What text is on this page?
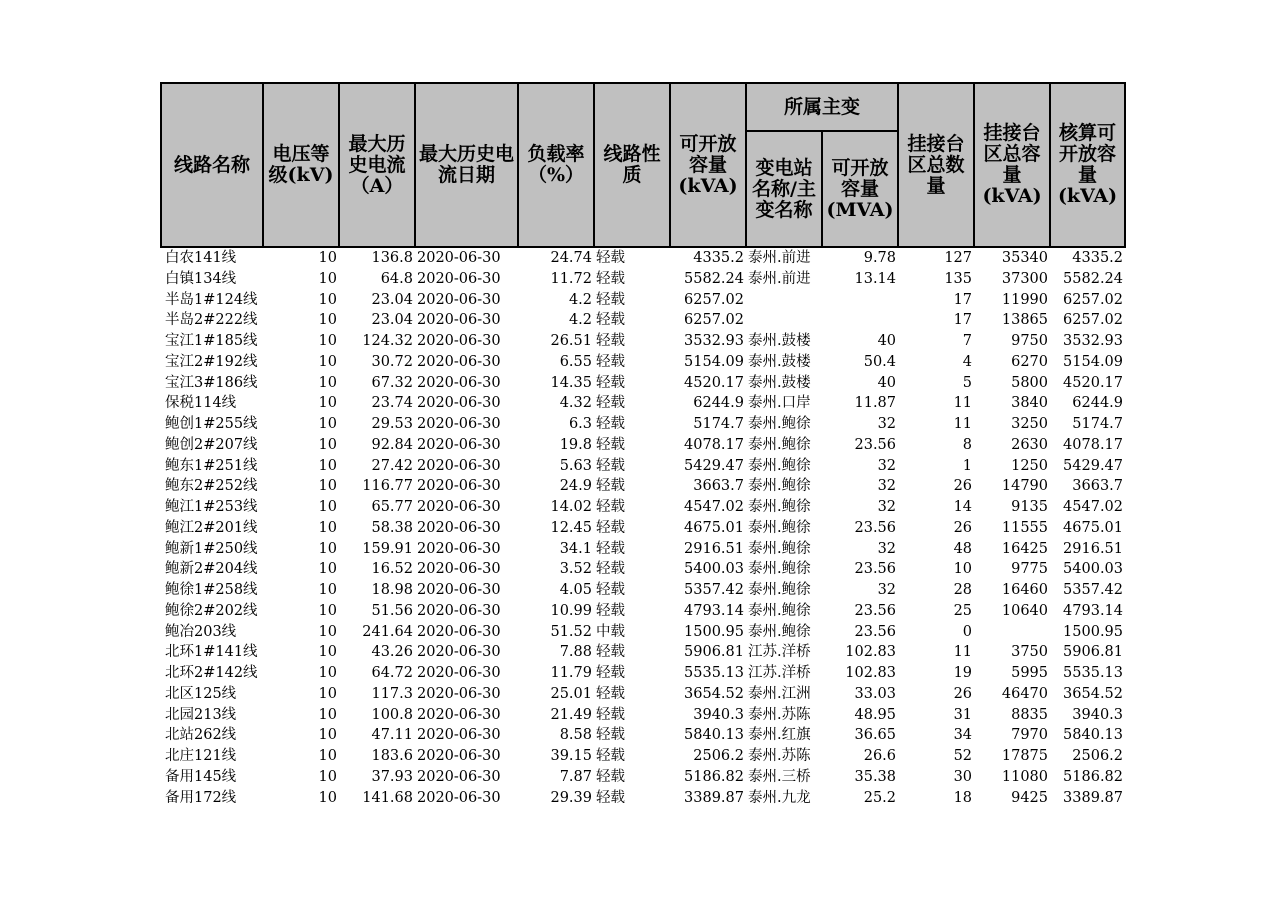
线路名称	电压等级(kV)	最大历史电流（A）	最大历史电流日期	负载率（%）	线路性质	可开放容量(kVA)	所属主变		挂接台区总数量	挂接台区总容量(kVA)	核算可开放容量(kVA)
							变电站名称/主变名称	可开放容量(MVA)			
白农141线	10	136.8	2020-06-30	24.74	轻载	4335.2	泰州.前进	9.78	127	35340	4335.2
白镇134线	10	64.8	2020-06-30	11.72	轻载	5582.24	泰州.前进	13.14	135	37300	5582.24
半岛1#124线	10	23.04	2020-06-30	4.2	轻载	6257.02			17	11990	6257.02
半岛2#222线	10	23.04	2020-06-30	4.2	轻载	6257.02			17	13865	6257.02
宝江1#185线	10	124.32	2020-06-30	26.51	轻载	3532.93	泰州.鼓楼	40	7	9750	3532.93
宝江2#192线	10	30.72	2020-06-30	6.55	轻载	5154.09	泰州.鼓楼	50.4	4	6270	5154.09
宝江3#186线	10	67.32	2020-06-30	14.35	轻载	4520.17	泰州.鼓楼	40	5	5800	4520.17
保税114线	10	23.74	2020-06-30	4.32	轻载	6244.9	泰州.口岸	11.87	11	3840	6244.9
鲍创1#255线	10	29.53	2020-06-30	6.3	轻载	5174.7	泰州.鲍徐	32	11	3250	5174.7
鲍创2#207线	10	92.84	2020-06-30	19.8	轻载	4078.17	泰州.鲍徐	23.56	8	2630	4078.17
鲍东1#251线	10	27.42	2020-06-30	5.63	轻载	5429.47	泰州.鲍徐	32	1	1250	5429.47
鲍东2#252线	10	116.77	2020-06-30	24.9	轻载	3663.7	泰州.鲍徐	32	26	14790	3663.7
鲍江1#253线	10	65.77	2020-06-30	14.02	轻载	4547.02	泰州.鲍徐	32	14	9135	4547.02
鲍江2#201线	10	58.38	2020-06-30	12.45	轻载	4675.01	泰州.鲍徐	23.56	26	11555	4675.01
鲍新1#250线	10	159.91	2020-06-30	34.1	轻载	2916.51	泰州.鲍徐	32	48	16425	2916.51
鲍新2#204线	10	16.52	2020-06-30	3.52	轻载	5400.03	泰州.鲍徐	23.56	10	9775	5400.03
鲍徐1#258线	10	18.98	2020-06-30	4.05	轻载	5357.42	泰州.鲍徐	32	28	16460	5357.42
鲍徐2#202线	10	51.56	2020-06-30	10.99	轻载	4793.14	泰州.鲍徐	23.56	25	10640	4793.14
鲍冶203线	10	241.64	2020-06-30	51.52	中载	1500.95	泰州.鲍徐	23.56	0		1500.95
北环1#141线	10	43.26	2020-06-30	7.88	轻载	5906.81	江苏.洋桥	102.83	11	3750	5906.81
北环2#142线	10	64.72	2020-06-30	11.79	轻载	5535.13	江苏.洋桥	102.83	19	5995	5535.13
北区125线	10	117.3	2020-06-30	25.01	轻载	3654.52	泰州.江洲	33.03	26	46470	3654.52
北园213线	10	100.8	2020-06-30	21.49	轻载	3940.3	泰州.苏陈	48.95	31	8835	3940.3
北站262线	10	47.11	2020-06-30	8.58	轻载	5840.13	泰州.红旗	36.65	34	7970	5840.13
北庄121线	10	183.6	2020-06-30	39.15	轻载	2506.2	泰州.苏陈	26.6	52	17875	2506.2
备用145线	10	37.93	2020-06-30	7.87	轻载	5186.82	泰州.三桥	35.38	30	11080	5186.82
备用172线	10	141.68	2020-06-30	29.39	轻载	3389.87	泰州.九龙	25.2	18	9425	3389.87
